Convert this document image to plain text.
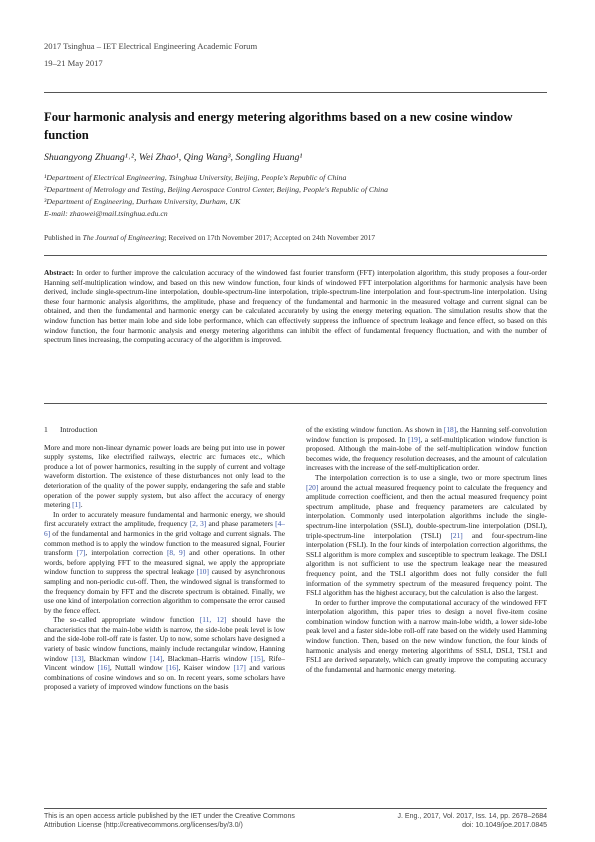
2017 Tsinghua – IET Electrical Engineering Academic Forum
19–21 May 2017
Four harmonic analysis and energy metering algorithms based on a new cosine window function
Shuangyong Zhuang¹˒², Wei Zhao¹, Qing Wang³, Songling Huang¹
¹Department of Electrical Engineering, Tsinghua University, Beijing, People's Republic of China
²Department of Metrology and Testing, Beijing Aerospace Control Center, Beijing, People's Republic of China
³Department of Engineering, Durham University, Durham, UK
E-mail: zhaowei@mail.tsinghua.edu.cn
Published in The Journal of Engineering; Received on 17th November 2017; Accepted on 24th November 2017
Abstract: In order to further improve the calculation accuracy of the windowed fast fourier transform (FFT) interpolation algorithm, this study proposes a four-order Hanning self-multiplication window, and based on this new window function, four kinds of windowed FFT interpolation algorithms for harmonic analysis have been derived, include single-spectrum-line interpolation, double-spectrum-line interpolation, triple-spectrum-line interpolation and four-spectrum-line interpolation. Using these four harmonic analysis algorithms, the amplitude, phase and frequency of the fundamental and harmonic in the measured voltage and current signal can be obtained, and then the fundamental and harmonic energy can be calculated accurately by using the energy metering equation. The simulation results show that the window function has better main lobe and side lobe performance, which can effectively suppress the influence of spectrum leakage and fence effect, so based on this window function, the four harmonic analysis and energy metering algorithms can inhibit the effect of fundamental frequency fluctuation, and with the number of spectrum lines increasing, the computing accuracy of the algorithm is improved.
1 Introduction

More and more non-linear dynamic power loads are being put into use in power supply systems, like electrified railways, electric arc furnaces etc., which produce a lot of power harmonics, resulting in the supply of current and voltage waveform distortion. The existence of these disturbances not only lead to the deterioration of the quality of the power supply, endangering the safe and stable operation of the power supply system, but also affect the accuracy of energy metering [1].

In order to accurately measure fundamental and harmonic energy, we should first accurately extract the amplitude, frequency [2, 3] and phase parameters [4–6] of the fundamental and harmonics in the grid voltage and current signals. The common method is to apply the window function to the measured signal, Fourier transform [7], interpolation correction [8, 9] and other operations. In other words, before applying FFT to the measured signal, we apply the appropriate window function to suppress the spectral leakage [10] caused by asynchronous sampling and non-periodic cut-off. Then, the windowed signal is transformed to the frequency domain by FFT and the discrete spectrum is obtained. Finally, we use one kind of interpolation correction algorithm to compensate the error caused by the fence effect.

The so-called appropriate window function [11, 12] should have the characteristics that the main-lobe width is narrow, the side-lobe peak level is low and the side-lobe roll-off rate is faster. Up to now, some scholars have designed a variety of basic window functions, mainly include rectangular window, Hanning window [13], Blackman window [14], Blackman–Harris window [15], Rife–Vincent window [16], Nuttall window [16], Kaiser window [17] and various combinations of cosine windows and so on. In recent years, some scholars have proposed a variety of improved window functions on the basis

of the existing window function. As shown in [18], the Hanning self-convolution window function is proposed. In [19], a self-multiplication window function is proposed. Although the main-lobe of the self-multiplication window function becomes wide, the frequency resolution decreases, and the amount of calculation increases with the increase of the self-multiplication order.

The interpolation correction is to use a single, two or more spectrum lines [20] around the actual measured frequency point to calculate the frequency and amplitude correction coefficient, and then the actual measured frequency point spectrum amplitude, phase and frequency parameters are calculated by interpolation. Commonly used interpolation algorithms include the single-spectrum-line interpolation (SSLI), double-spectrum-line interpolation (DSLI), triple-spectrum-line interpolation (TSLI) [21] and four-spectrum-line interpolation (FSLI). In the four kinds of interpolation correction algorithms, the SSLI algorithm is more complex and susceptible to spectrum leakage. The DSLI algorithm is not sufficient to use the spectrum leakage near the measured frequency point, and the TSLI algorithm does not fully consider the full information of the symmetry spectrum of the measured frequency point. The FSLI algorithm has the highest accuracy, but the calculation is also the largest.

In order to further improve the computational accuracy of the windowed FFT interpolation algorithm, this paper tries to design a novel five-item cosine combination window function with a narrow main-lobe width, a lower side-lobe peak level and a faster side-lobe roll-off rate based on the widely used Hamming window function. Then, based on the new window function, the four kinds of harmonic analysis and energy metering algorithms of SSLI, DSLI, TSLI and FSLI are derived separately, which can greatly improve the computing accuracy of the fundamental and harmonic energy metering.

This is an open access article published by the IET under the Creative Commons
Attribution License (http://creativecommons.org/licenses/by/3.0/)
J. Eng., 2017, Vol. 2017, Iss. 14, pp. 2678–2684
doi: 10.1049/joe.2017.0845
